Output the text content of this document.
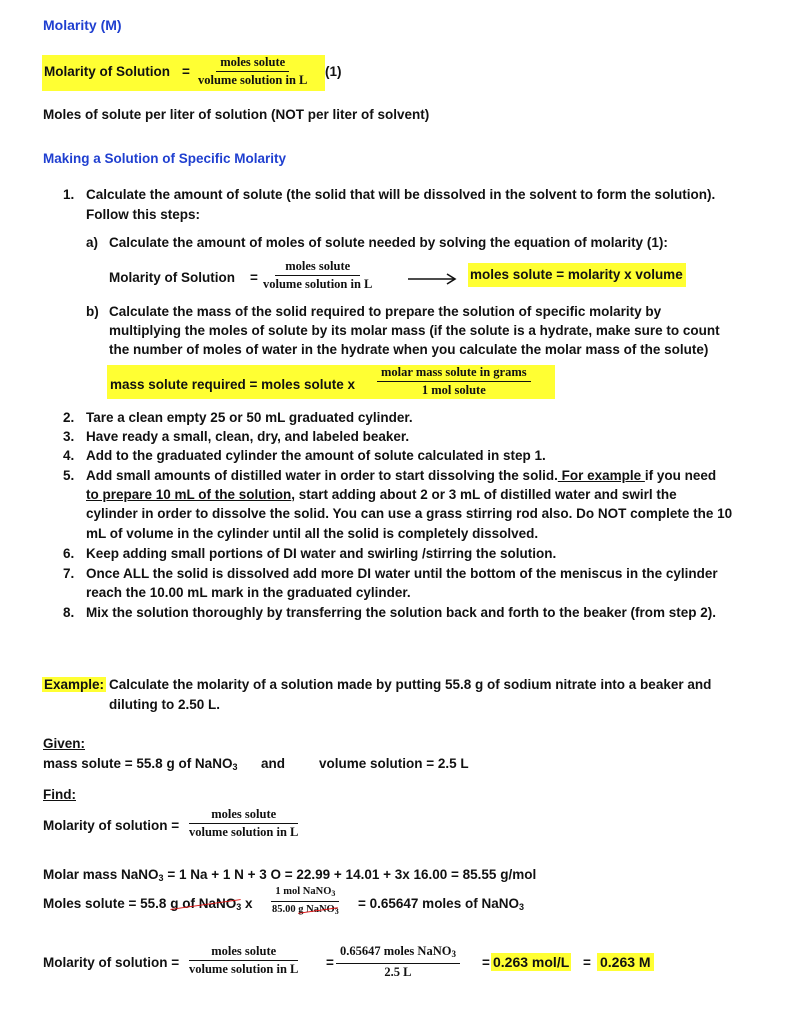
Molarity (M)
Molarity of Solution =
moles solute
volume solution in L
(1)
Moles of solute per liter of solution (NOT per liter of solvent)
Making a Solution of Specific Molarity
1. Calculate the amount of solute (the solid that will be dissolved in the solvent to form the solution).
Follow this steps:
a) Calculate the amount of moles of solute needed by solving the equation of molarity (1):
Molarity of Solution =
moles solute
volume solution in L
moles solute = molarity x volume
b) Calculate the mass of the solid required to prepare the solution of specific molarity by
multiplying the moles of solute by its molar mass (if the solute is a hydrate, make sure to count
the number of moles of water in the hydrate when you calculate the molar mass of the solute)
mass solute required = moles solute x
molar mass solute in grams
1 mol solute
2. Tare a clean empty 25 or 50 mL graduated cylinder.
3. Have ready a small, clean, dry, and labeled beaker.
4. Add to the graduated cylinder the amount of solute calculated in step 1.
5. Add small amounts of distilled water in order to start dissolving the solid. For example if you need
to prepare 10 mL of the solution, start adding about 2 or 3 mL of distilled water and swirl the
cylinder in order to dissolve the solid. You can use a grass stirring rod also. Do NOT complete the 10
mL of volume in the cylinder until all the solid is completely dissolved.
6. Keep adding small portions of DI water and swirling /stirring the solution.
7. Once ALL the solid is dissolved add more DI water until the bottom of the meniscus in the cylinder
reach the 10.00 mL mark in the graduated cylinder.
8. Mix the solution thoroughly by transferring the solution back and forth to the beaker (from step 2).
Example: Calculate the molarity of a solution made by putting 55.8 g of sodium nitrate into a beaker and
diluting to 2.50 L.
Given:
mass solute = 55.8 g of NaNO$_3$ and	volume solution = 2.5 L
Find:
Molarity of solution =
moles solute
volume solution in L
Molar mass NaNO$_3$ = 1 Na + 1 N + 3 O = 22.99 + 14.01 + 3x 16.00 = 85.55 g/mol
Moles solute = 55.8 g of NaNO$_3$ x
1 mol NaNO$_3$
85.00 g NaNO$_3$
= 0.65647 moles of NaNO$_3$
Molarity of solution =
moles solute
volume solution in L =
0.65647 moles NaNO$_3$
2.5 L
= 0.263 mol/L = 0.263 M
